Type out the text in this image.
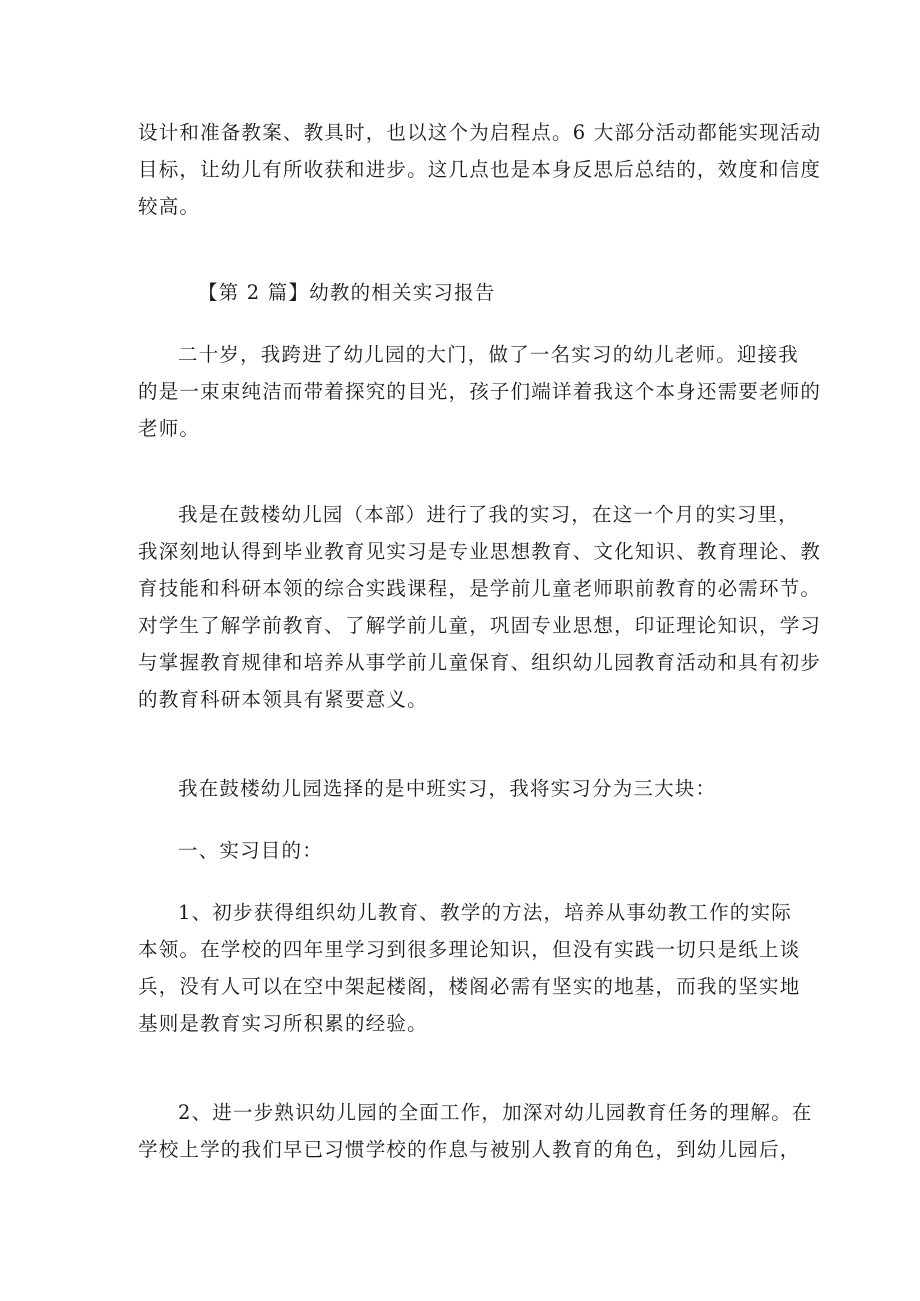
设计和准备教案、教具时，也以这个为启程点。6 大部分活动都能实现活动
目标，让幼儿有所收获和进步。这几点也是本身反思后总结的，效度和信度
较高。
【第 2 篇】幼教的相关实习报告
二十岁，我跨进了幼儿园的大门，做了一名实习的幼儿老师。迎接我
的是一束束纯洁而带着探究的目光，孩子们端详着我这个本身还需要老师的
老师。
我是在鼓楼幼儿园（本部）进行了我的实习，在这一个月的实习里，
我深刻地认得到毕业教育见实习是专业思想教育、文化知识、教育理论、教
育技能和科研本领的综合实践课程，是学前儿童老师职前教育的必需环节。
对学生了解学前教育、了解学前儿童，巩固专业思想，印证理论知识，学习
与掌握教育规律和培养从事学前儿童保育、组织幼儿园教育活动和具有初步
的教育科研本领具有紧要意义。
我在鼓楼幼儿园选择的是中班实习，我将实习分为三大块：
一、实习目的：
1、初步获得组织幼儿教育、教学的方法，培养从事幼教工作的实际
本领。在学校的四年里学习到很多理论知识，但没有实践一切只是纸上谈
兵，没有人可以在空中架起楼阁，楼阁必需有坚实的地基，而我的坚实地
基则是教育实习所积累的经验。
2、进一步熟识幼儿园的全面工作，加深对幼儿园教育任务的理解。在
学校上学的我们早已习惯学校的作息与被别人教育的角色，到幼儿园后，
